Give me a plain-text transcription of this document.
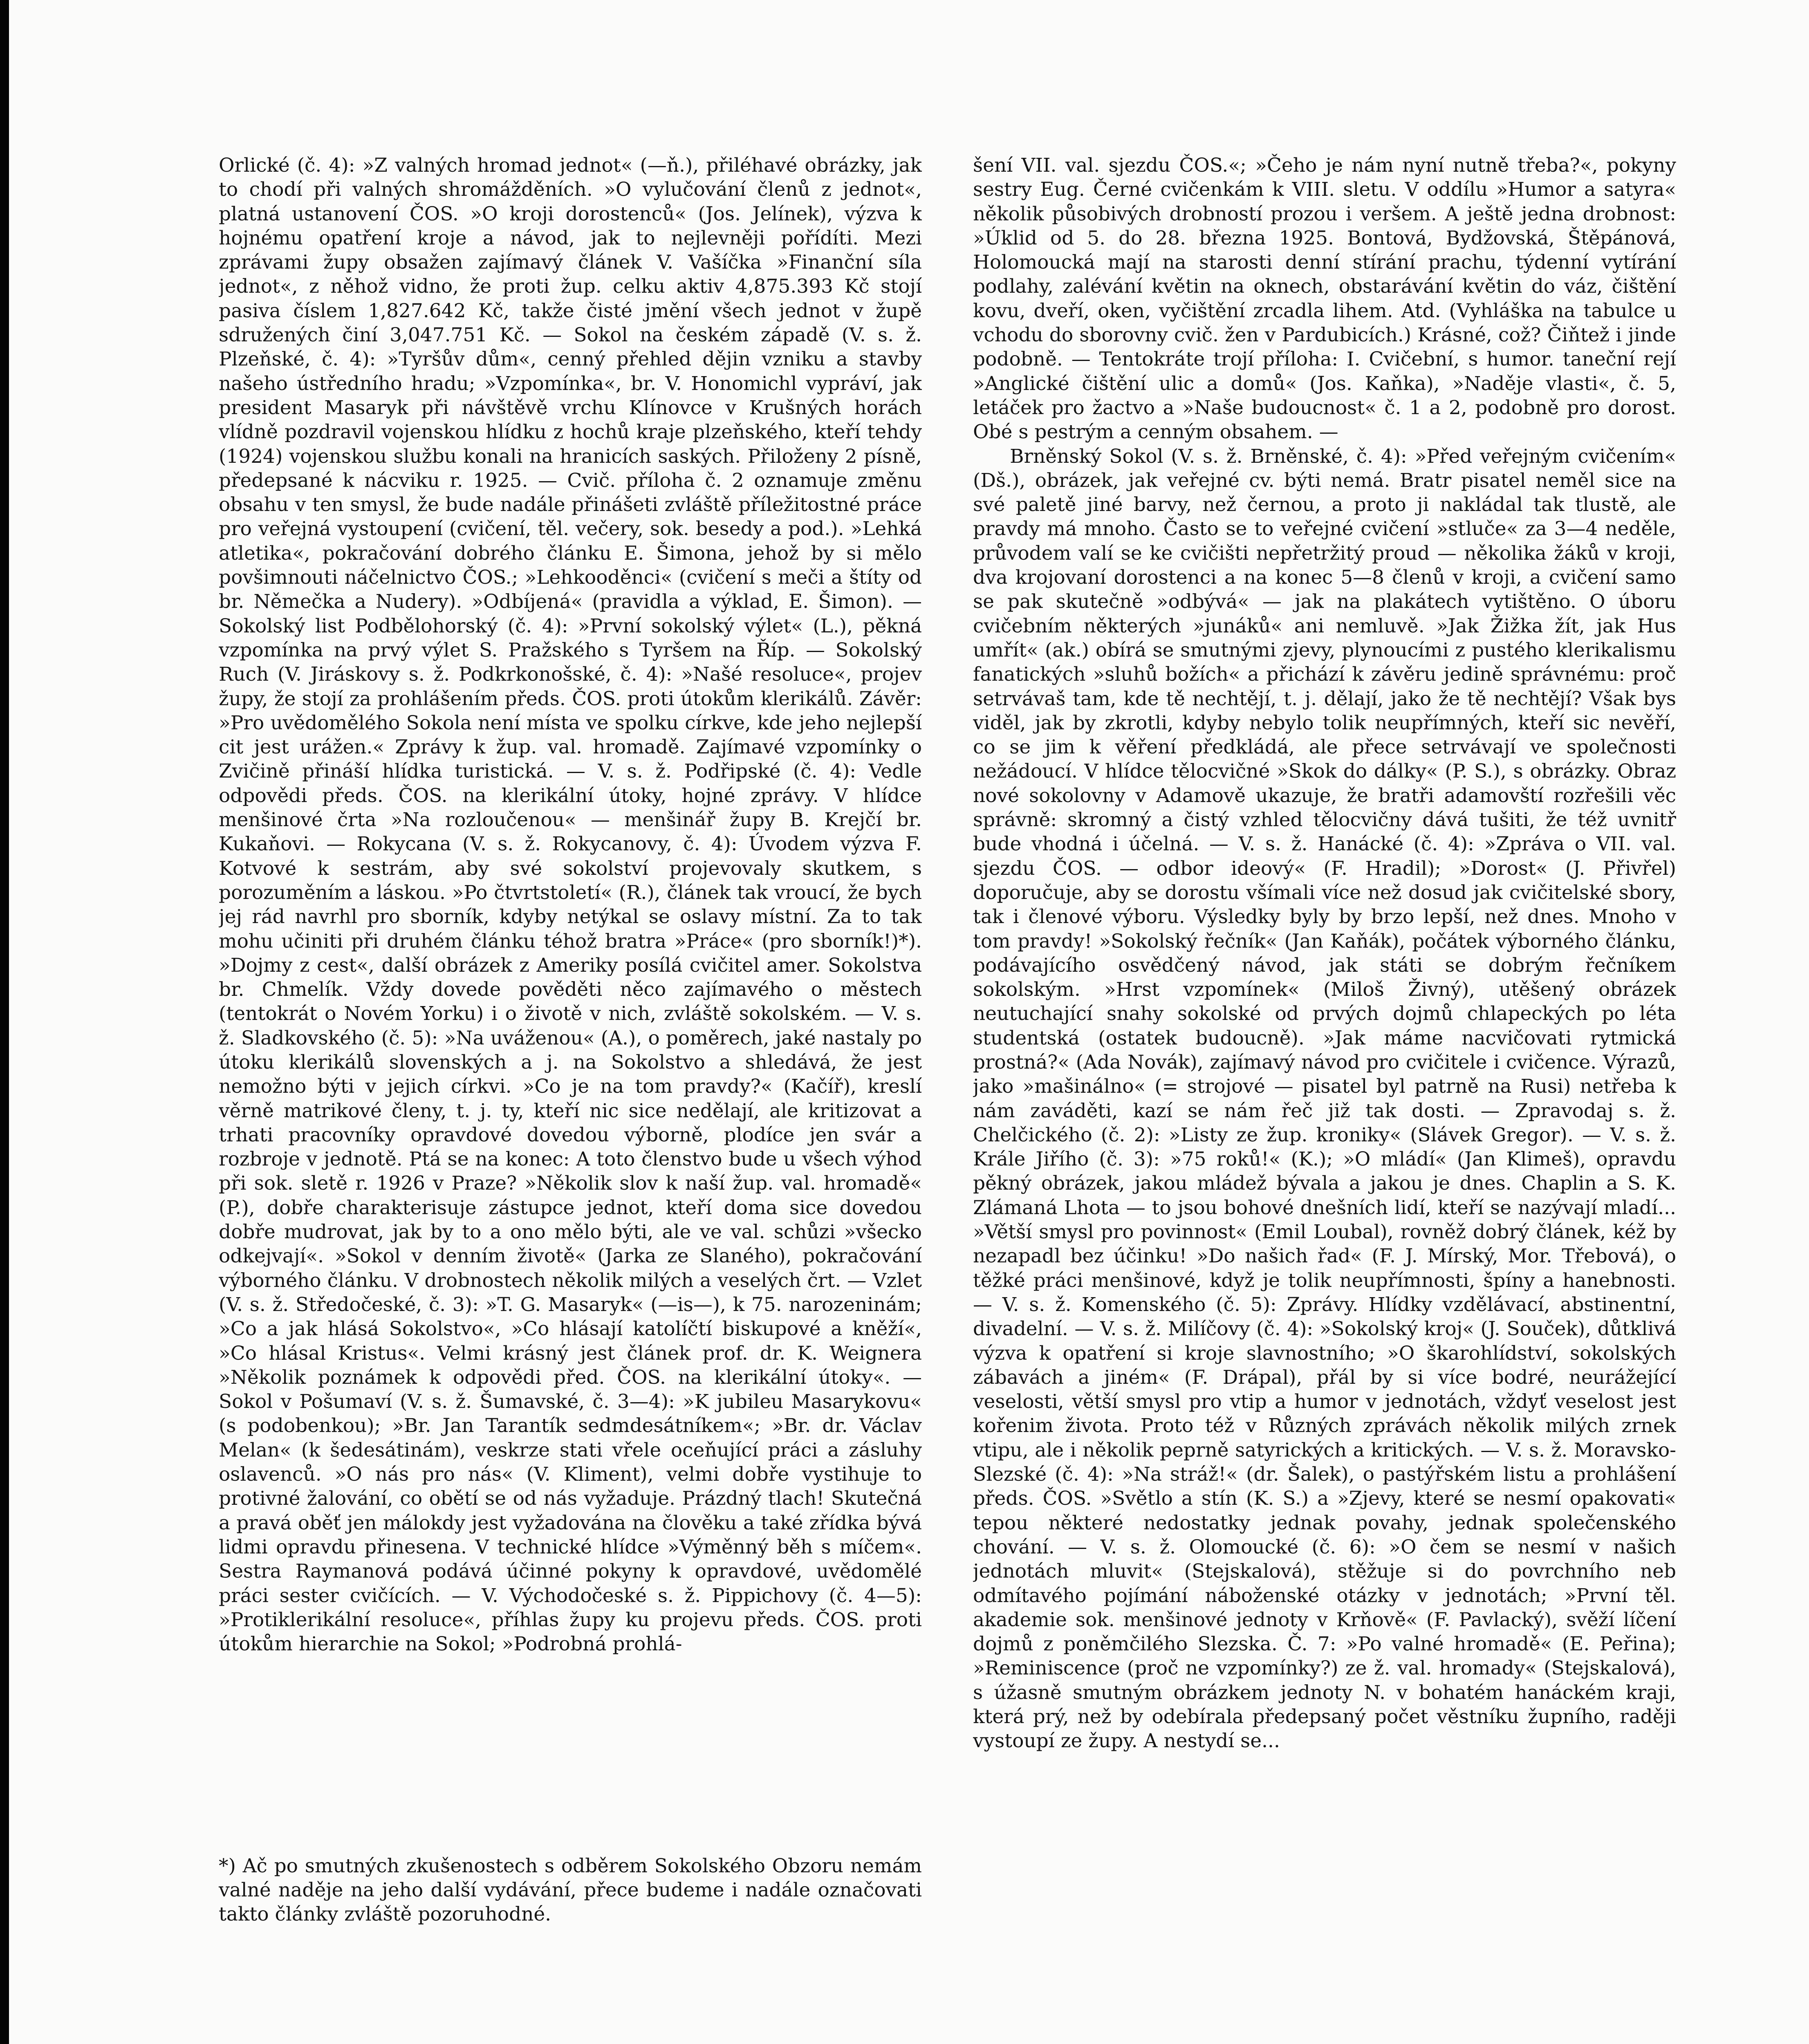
Orlické (č. 4): »Z valných hromad jednot« (—ň.), přiléhavé obrázky, jak to chodí při valných shromážděních. »O vylučování členů z jednot«, platná ustanovení ČOS. »O kroji dorostenců« (Jos. Jelínek), výzva k hojnému opatření kroje a návod, jak to nejlevněji pořídíti. Mezi zprávami župy obsažen zajímavý článek V. Vašíčka »Finanční síla jednot«, z něhož vidno, že proti žup. celku aktiv 4,875.393 Kč stojí pasiva číslem 1,827.642 Kč, takže čisté jmění všech jednot v župě sdružených činí 3,047.751 Kč. — Sokol na českém západě (V. s. ž. Plzeňské, č. 4): »Tyršův dům«, cenný přehled dějin vzniku a stavby našeho ústředního hradu; »Vzpomínka«, br. V. Honomichl vypráví, jak president Masaryk při návštěvě vrchu Klínovce v Krušných horách vlídně pozdravil vojenskou hlídku z hochů kraje plzeňského, kteří tehdy (1924) vojenskou službu konali na hranicích saských. Přiloženy 2 písně, předepsané k nácviku r. 1925. — Cvič. příloha č. 2 oznamuje změnu obsahu v ten smysl, že bude nadále přinášeti zvláště příležitostné práce pro veřejná vystoupení (cvičení, těl. večery, sok. besedy a pod.). »Lehká atletika«, pokračování dobrého článku E. Šimona, jehož by si mělo povšimnouti náčelnictvo ČOS.; »Lehkooděnci« (cvičení s meči a štíty od br. Němečka a Nudery). »Odbíjená« (pravidla a výklad, E. Šimon). — Sokolský list Podbělohorský (č. 4): »První sokolský výlet« (L.), pěkná vzpomínka na prvý výlet S. Pražského s Tyršem na Říp. — Sokolský Ruch (V. Jiráskovy s. ž. Podkrkonošské, č. 4): »Našé resoluce«, projev župy, že stojí za prohlášením předs. ČOS. proti útokům klerikálů. Závěr: »Pro uvědomělého Sokola není místa ve spolku církve, kde jeho nejlepší cit jest urážen.« Zprávy k žup. val. hromadě. Zajímavé vzpomínky o Zvičině přináší hlídka turistická. — V. s. ž. Podřipské (č. 4): Vedle odpovědi předs. ČOS. na klerikální útoky, hojné zprávy. V hlídce menšinové črta »Na rozloučenou« — menšinář župy B. Krejčí br. Kukaňovi. — Rokycana (V. s. ž. Rokycanovy, č. 4): Úvodem výzva F. Kotvové k sestrám, aby své sokolství projevovaly skutkem, s porozuměním a láskou. »Po čtvrtstoletí« (R.), článek tak vroucí, že bych jej rád navrhl pro sborník, kdyby netýkal se oslavy místní. Za to tak mohu učiniti při druhém článku téhož bratra »Práce« (pro sborník!)*). »Dojmy z cest«, další obrázek z Ameriky posílá cvičitel amer. Sokolstva br. Chmelík. Vždy dovede pověděti něco zajímavého o městech (tentokrát o Novém Yorku) i o životě v nich, zvláště sokolském. — V. s. ž. Sladkovského (č. 5): »Na uváženou« (A.), o poměrech, jaké nastaly po útoku klerikálů slovenských a j. na Sokolstvo a shledává, že jest nemožno býti v jejich církvi. »Co je na tom pravdy?« (Kačíř), kreslí věrně matrikové členy, t. j. ty, kteří nic sice nedělají, ale kritizovat a trhati pracovníky opravdové dovedou výborně, plodíce jen svár a rozbroje v jednotě. Ptá se na konec: A toto členstvo bude u všech výhod při sok. sletě r. 1926 v Praze? »Několik slov k naší žup. val. hromadě« (P.), dobře charakterisuje zástupce jednot, kteří doma sice dovedou dobře mudrovat, jak by to a ono mělo býti, ale ve val. schůzi »všecko odkejvají«. »Sokol v denním životě« (Jarka ze Slaného), pokračování výborného článku. V drobnostech několik milých a veselých črt. — Vzlet (V. s. ž. Středočeské, č. 3): »T. G. Masaryk« (—is—), k 75. narozeninám; »Co a jak hlásá Sokolstvo«, »Co hlásají katolíčtí biskupové a kněží«, »Co hlásal Kristus«. Velmi krásný jest článek prof. dr. K. Weignera »Několik poznámek k odpovědi před. ČOS. na klerikální útoky«. — Sokol v Pošumaví (V. s. ž. Šumavské, č. 3—4): »K jubileu Masarykovu« (s podobenkou); »Br. Jan Tarantík sedmdesátníkem«; »Br. dr. Václav Melan« (k šedesátinám), veskrze stati vřele oceňující práci a zásluhy oslavenců. »O nás pro nás« (V. Kliment), velmi dobře vystihuje to protivné žalování, co obětí se od nás vyžaduje. Prázdný tlach! Skutečná a pravá oběť jen málokdy jest vyžadována na člověku a také zřídka bývá lidmi opravdu přinesena. V technické hlídce »Výměnný běh s míčem«. Sestra Raymanová podává účinné pokyny k opravdové, uvědomělé práci sester cvičících. — V. Východočeské s. ž. Pippichovy (č. 4—5): »Protiklerikální resoluce«, příhlas župy ku projevu předs. ČOS. proti útokům hierarchie na Sokol; »Podrobná prohlá-

šení VII. val. sjezdu ČOS.«; »Čeho je nám nyní nutně třeba?«, pokyny sestry Eug. Černé cvičenkám k VIII. sletu. V oddílu »Humor a satyra« několik působivých drobností prozou i veršem. A ještě jedna drobnost: »Úklid od 5. do 28. března 1925. Bontová, Bydžovská, Štěpánová, Holomoucká mají na starosti denní stírání prachu, týdenní vytírání podlahy, zalévání květin na oknech, obstarávání květin do váz, čištění kovu, dveří, oken, vyčištění zrcadla lihem. Atd. (Vyhláška na tabulce u vchodu do sborovny cvič. žen v Pardubicích.) Krásné, což? Čiňtež i jinde podobně. — Tentokráte trojí příloha: I. Cvičební, s humor. taneční rejí »Anglické čištění ulic a domů« (Jos. Kaňka), »Naděje vlasti«, č. 5, letáček pro žactvo a »Naše budoucnost« č. 1 a 2, podobně pro dorost. Obé s pestrým a cenným obsahem. —

Brněnský Sokol (V. s. ž. Brněnské, č. 4): »Před veřejným cvičením« (Dš.), obrázek, jak veřejné cv. býti nemá. Bratr pisatel neměl sice na své paletě jiné barvy, než černou, a proto ji nakládal tak tlustě, ale pravdy má mnoho. Často se to veřejné cvičení »stluče« za 3—4 neděle, průvodem valí se ke cvičišti nepřetržitý proud — několika žáků v kroji, dva krojovaní dorostenci a na konec 5—8 členů v kroji, a cvičení samo se pak skutečně »odbývá« — jak na plakátech vytištěno. O úboru cvičebním některých »junáků« ani nemluvě. »Jak Žižka žít, jak Hus umřít« (ak.) obírá se smutnými zjevy, plynoucími z pustého klerikalismu fanatických »sluhů božích« a přichází k závěru jedině správnému: proč setrvávaš tam, kde tě nechtějí, t. j. dělají, jako že tě nechtějí? Však bys viděl, jak by zkrotli, kdyby nebylo tolik neupřímných, kteří sic nevěří, co se jim k věření předkládá, ale přece setrvávají ve společnosti nežádoucí. V hlídce tělocvičné »Skok do dálky« (P. S.), s obrázky. Obraz nové sokolovny v Adamově ukazuje, že bratři adamovští rozřešili věc správně: skromný a čistý vzhled tělocvičny dává tušiti, že též uvnitř bude vhodná i účelná. — V. s. ž. Hanácké (č. 4): »Zpráva o VII. val. sjezdu ČOS. — odbor ideový« (F. Hradil); »Dorost« (J. Přivřel) doporučuje, aby se dorostu všímali více než dosud jak cvičitelské sbory, tak i členové výboru. Výsledky byly by brzo lepší, než dnes. Mnoho v tom pravdy! »Sokolský řečník« (Jan Kaňák), počátek výborného článku, podávajícího osvědčený návod, jak státi se dobrým řečníkem sokolským. »Hrst vzpomínek« (Miloš Živný), utěšený obrázek neutuchající snahy sokolské od prvých dojmů chlapeckých po léta studentská (ostatek budoucně). »Jak máme nacvičovati rytmická prostná?« (Ada Novák), zajímavý návod pro cvičitele i cvičence. Výrazů, jako »mašinálno« (= strojové — pisatel byl patrně na Rusi) netřeba k nám zaváděti, kazí se nám řeč již tak dosti. — Zpravodaj s. ž. Chelčického (č. 2): »Listy ze žup. kroniky« (Slávek Gregor). — V. s. ž. Krále Jiřího (č. 3): »75 roků!« (K.); »O mládí« (Jan Klimeš), opravdu pěkný obrázek, jakou mládež bývala a jakou je dnes. Chaplin a S. K. Zlámaná Lhota — to jsou bohové dnešních lidí, kteří se nazývají mladí... »Větší smysl pro povinnost« (Emil Loubal), rovněž dobrý článek, kéž by nezapadl bez účinku! »Do našich řad« (F. J. Mírský, Mor. Třebová), o těžké práci menšinové, když je tolik neupřímnosti, špíny a hanebnosti. — V. s. ž. Komenského (č. 5): Zprávy. Hlídky vzdělávací, abstinentní, divadelní. — V. s. ž. Milíčovy (č. 4): »Sokolský kroj« (J. Souček), důtklivá výzva k opatření si kroje slavnostního; »O škarohlídství, sokolských zábavách a jiném« (F. Drápal), přál by si více bodré, neurážející veselosti, větší smysl pro vtip a humor v jednotách, vždyť veselost jest kořenim života. Proto též v Různých zprávách několik milých zrnek vtipu, ale i několik peprně satyrických a kritických. — V. s. ž. Moravsko-Slezské (č. 4): »Na stráž!« (dr. Šalek), o pastýřském listu a prohlášení předs. ČOS. »Světlo a stín (K. S.) a »Zjevy, které se nesmí opakovati« tepou některé nedostatky jednak povahy, jednak společenského chování. — V. s. ž. Olomoucké (č. 6): »O čem se nesmí v našich jednotách mluvit« (Stejskalová), stěžuje si do povrchního neb odmítavého pojímání náboženské otázky v jednotách; »První těl. akademie sok. menšinové jednoty v Krňově« (F. Pavlacký), svěží líčení dojmů z poněmčilého Slezska. Č. 7: »Po valné hromadě« (E. Peřina); »Reminiscence (proč ne vzpomínky?) ze ž. val. hromady« (Stejskalová), s úžasně smutným obrázkem jednoty N. v bohatém hanáckém kraji, která prý, než by odebírala předepsaný počet věstníku župního, raději vystoupí ze župy. A nestydí se...

*) Ač po smutných zkušenostech s odběrem Sokolského Obzoru nemám valné naděje na jeho další vydávání, přece budeme i nadále označovati takto články zvláště pozoruhodné.
